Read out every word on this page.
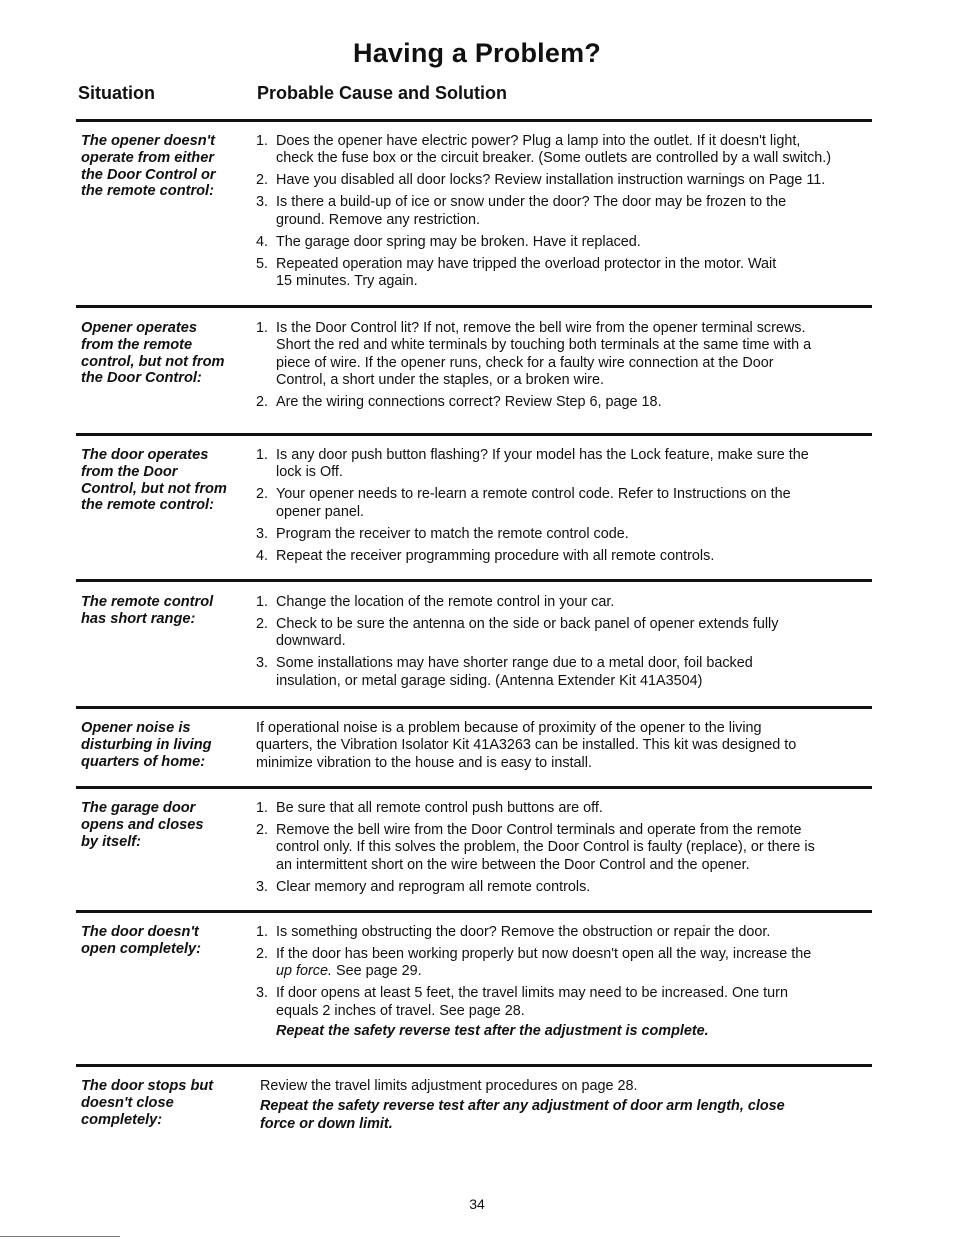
Having a Problem?
Situation	Probable Cause and Solution
The opener doesn't
operate from either
the Door Control or
the remote control:
1. Does the opener have electric power? Plug a lamp into the outlet. If it doesn't light,
check the fuse box or the circuit breaker. (Some outlets are controlled by a wall switch.)
2. Have you disabled all door locks? Review installation instruction warnings on Page 11.
3. Is there a build-up of ice or snow under the door? The door may be frozen to the
ground. Remove any restriction.
4. The garage door spring may be broken. Have it replaced.
5. Repeated operation may have tripped the overload protector in the motor. Wait
15 minutes. Try again.
Opener operates
from the remote
control, but not from
the Door Control:
1. Is the Door Control lit? If not, remove the bell wire from the opener terminal screws.
Short the red and white terminals by touching both terminals at the same time with a
piece of wire. If the opener runs, check for a faulty wire connection at the Door
Control, a short under the staples, or a broken wire.
2. Are the wiring connections correct? Review Step 6, page 18.
The door operates
from the Door
Control, but not from
the remote control:
1. Is any door push button flashing? If your model has the Lock feature, make sure the
lock is Off.
2. Your opener needs to re-learn a remote control code. Refer to Instructions on the
opener panel.
3. Program the receiver to match the remote control code.
4. Repeat the receiver programming procedure with all remote controls.
The remote control
has short range:
1. Change the location of the remote control in your car.
2. Check to be sure the antenna on the side or back panel of opener extends fully
downward.
3. Some installations may have shorter range due to a metal door, foil backed
insulation, or metal garage siding. (Antenna Extender Kit 41A3504)
Opener noise is
disturbing in living
quarters of home:
If operational noise is a problem because of proximity of the opener to the living
quarters, the Vibration Isolator Kit 41A3263 can be installed. This kit was designed to
minimize vibration to the house and is easy to install.
The garage door
opens and closes
by itself:
1. Be sure that all remote control push buttons are off.
2. Remove the bell wire from the Door Control terminals and operate from the remote
control only. If this solves the problem, the Door Control is faulty (replace), or there is
an intermittent short on the wire between the Door Control and the opener.
3. Clear memory and reprogram all remote controls.
The door doesn't
open completely:
1. Is something obstructing the door? Remove the obstruction or repair the door.
2. If the door has been working properly but now doesn't open all the way, increase the
up force. See page 29.
3. If door opens at least 5 feet, the travel limits may need to be increased. One turn
equals 2 inches of travel. See page 28.
Repeat the safety reverse test after the adjustment is complete.
The door stops but
doesn't close
completely:
Review the travel limits adjustment procedures on page 28.
Repeat the safety reverse test after any adjustment of door arm length, close
force or down limit.
34
